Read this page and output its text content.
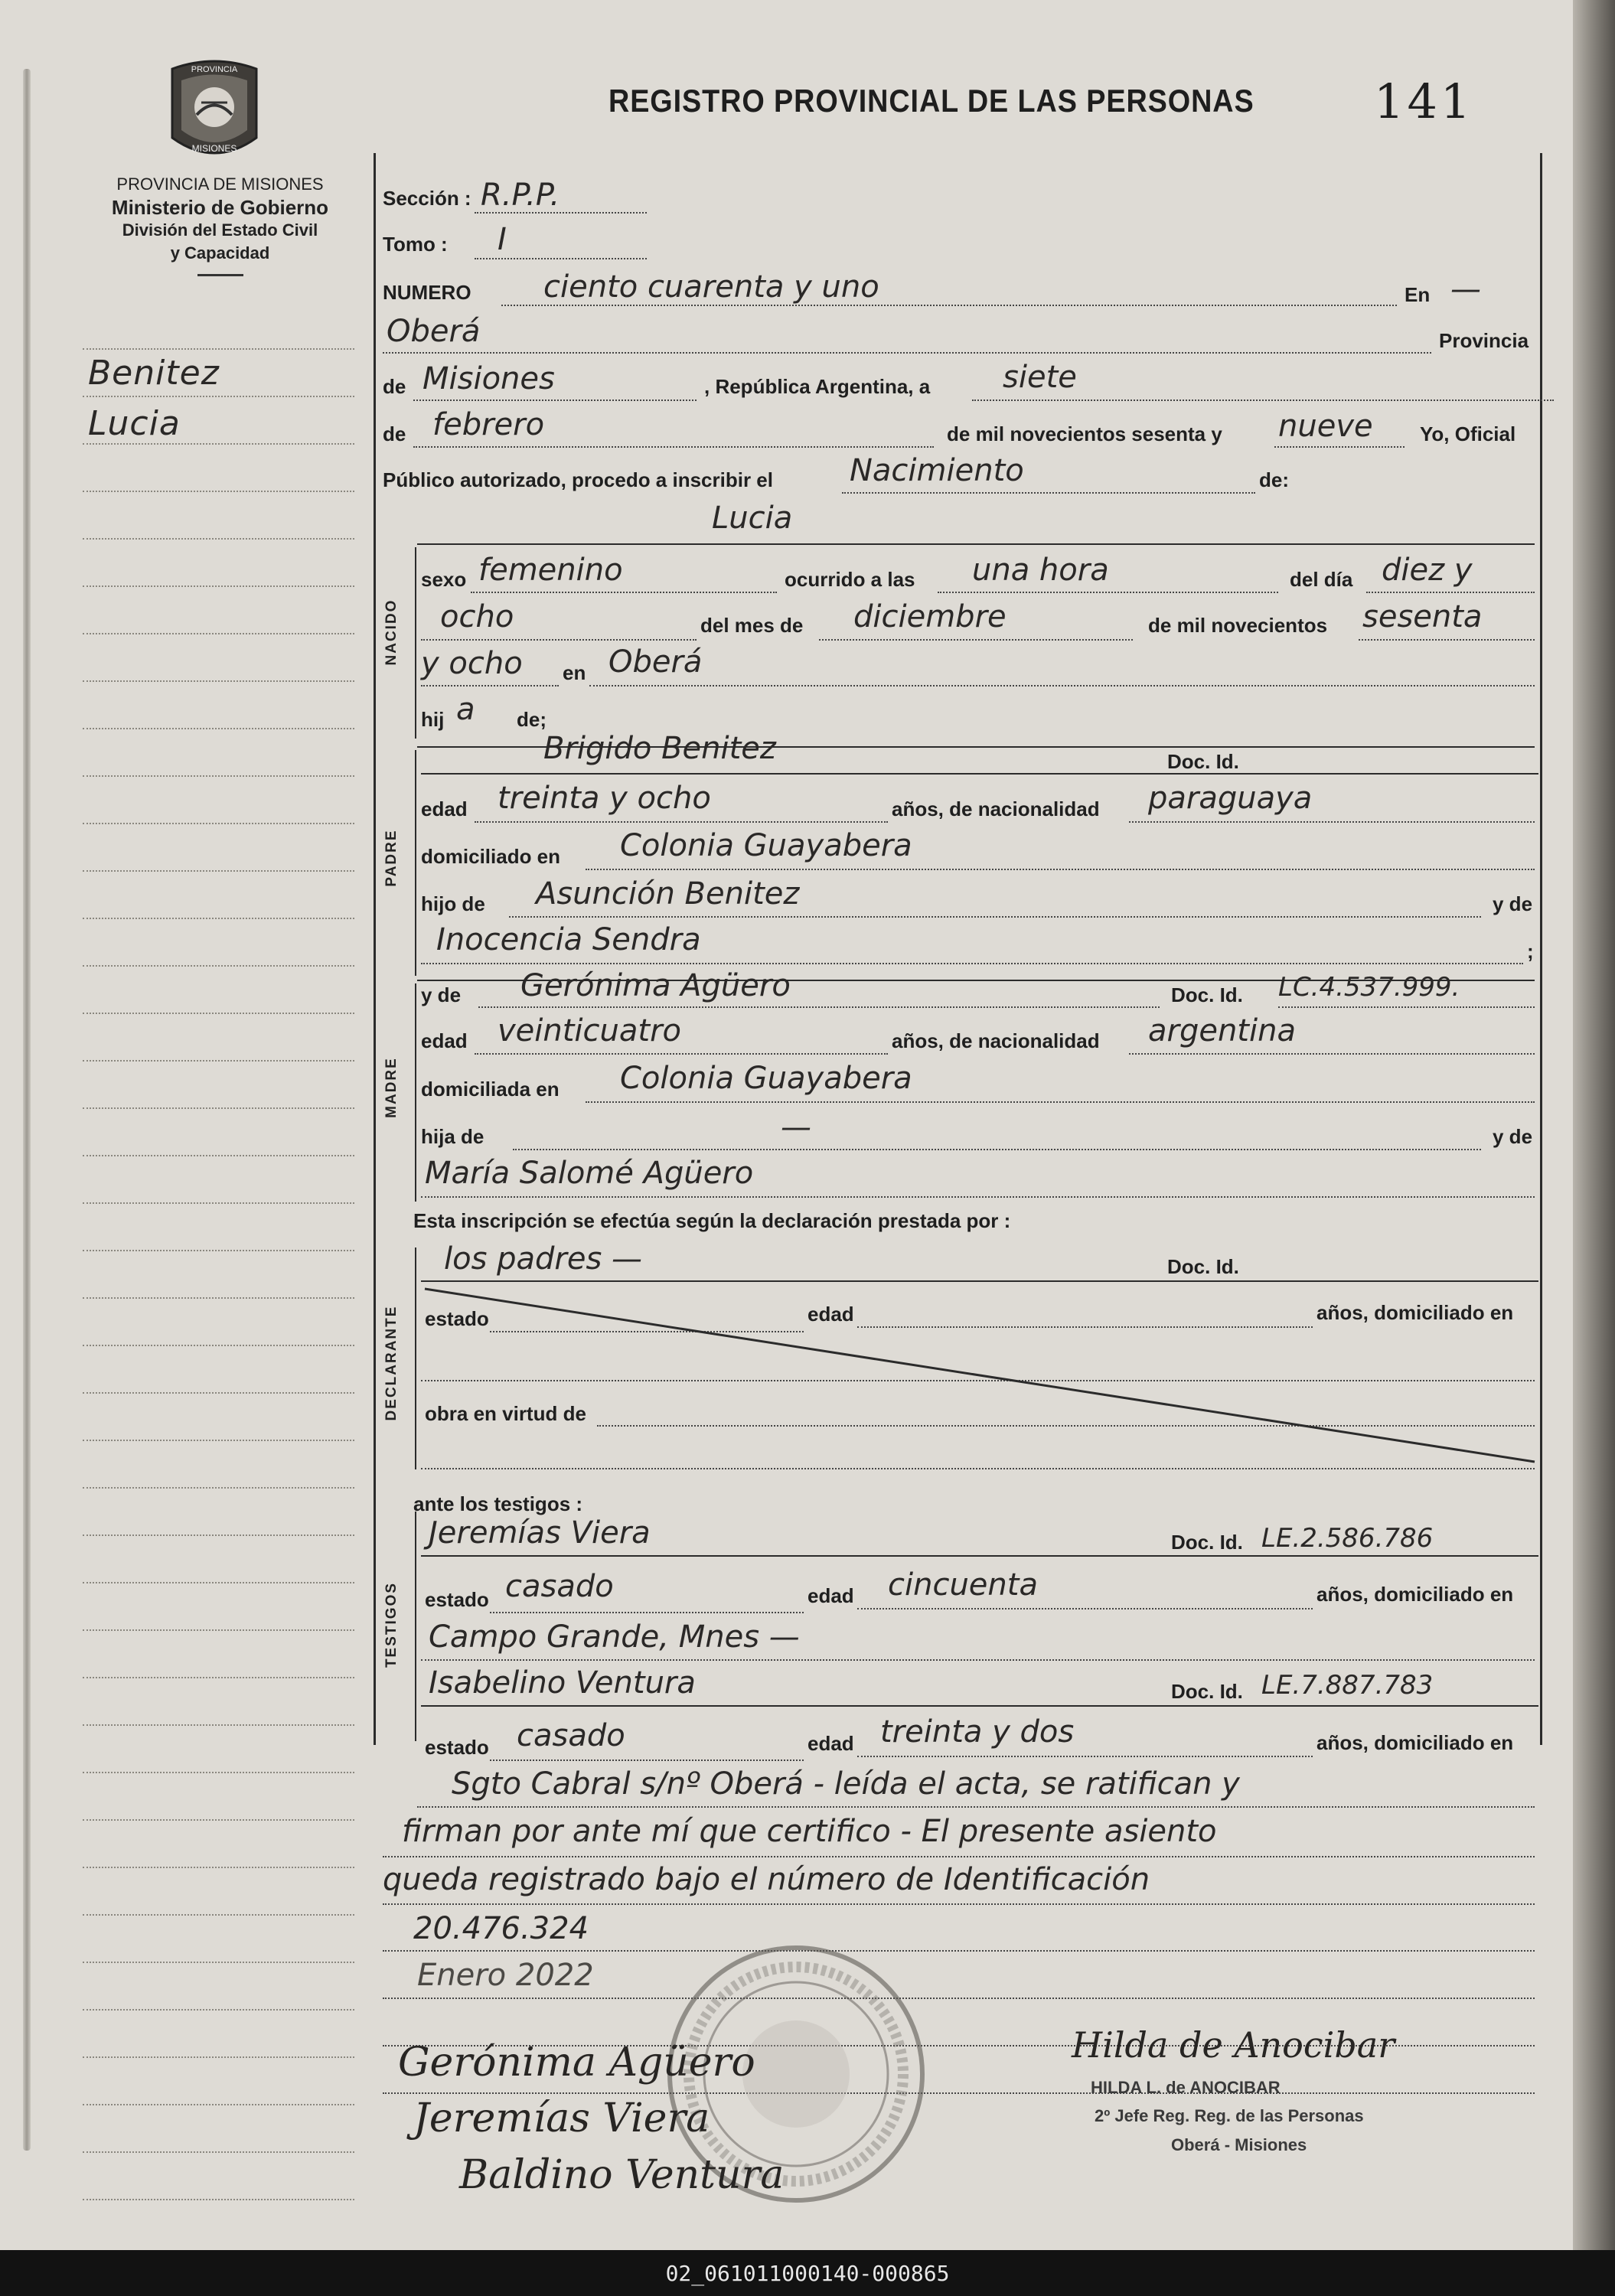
PROVINCIA
MISIONES
PROVINCIA DE MISIONES
Ministerio de Gobierno
División del Estado Civil
y Capacidad
REGISTRO PROVINCIAL DE LAS PERSONAS	141
Benitez
Lucia
Sección : R.P.P.
Tomo : I
NUMERO ciento cuarenta y uno	En —
Oberá	Provincia
de Misiones	, República Argentina, a siete
de febrero	de mil novecientos sesenta y nueve Yo, Oficial
Público autorizado, procedo a inscribir el	Nacimiento	de:
Lucia
NACIDO
sexo femenino	ocurrido a las una hora	del día diez y
ocho	del mes de diciembre	de mil novecientos sesenta
y ocho en Oberá
hij a de;
PADRE
Brigido Benitez	Doc. Id.
edad treinta y ocho	años, de nacionalidad paraguaya
domiciliado en Colonia Guayabera
hijo de Asunción Benitez	y de
Inocencia Sendra	;
MADRE
y de Gerónima Agüero	Doc. Id. LC.4.537.999.
edad veinticuatro	años, de nacionalidad argentina
domiciliada en Colonia Guayabera
hija de	—	y de
María Salomé Agüero
Esta inscripción se efectúa según la declaración prestada por :
DECLARANTE
los padres —	Doc. Id.
estado	edad	años, domiciliado en
obra en virtud de
ante los testigos :
TESTIGOS
Jeremías Viera	Doc. Id. LE.2.586.786
estado casado	edad cincuenta	años, domiciliado en
Campo Grande, Mnes —
Isabelino Ventura	Doc. Id. LE.7.887.783
estado casado	edad treinta y dos	años, domiciliado en
Sgto Cabral s/nº Oberá - leída el acta, se ratifican y
firman por ante mí que certifico - El presente asiento
queda registrado bajo el número de Identificación
20.476.324
Enero 2022
Gerónima Agüero
Jeremías Viera
Baldino Ventura
Hilda de Anocibar
HILDA L. de ANOCIBAR
2º Jefe Reg. Reg. de las Personas
Oberá - Misiones
02_061011000140-000865
